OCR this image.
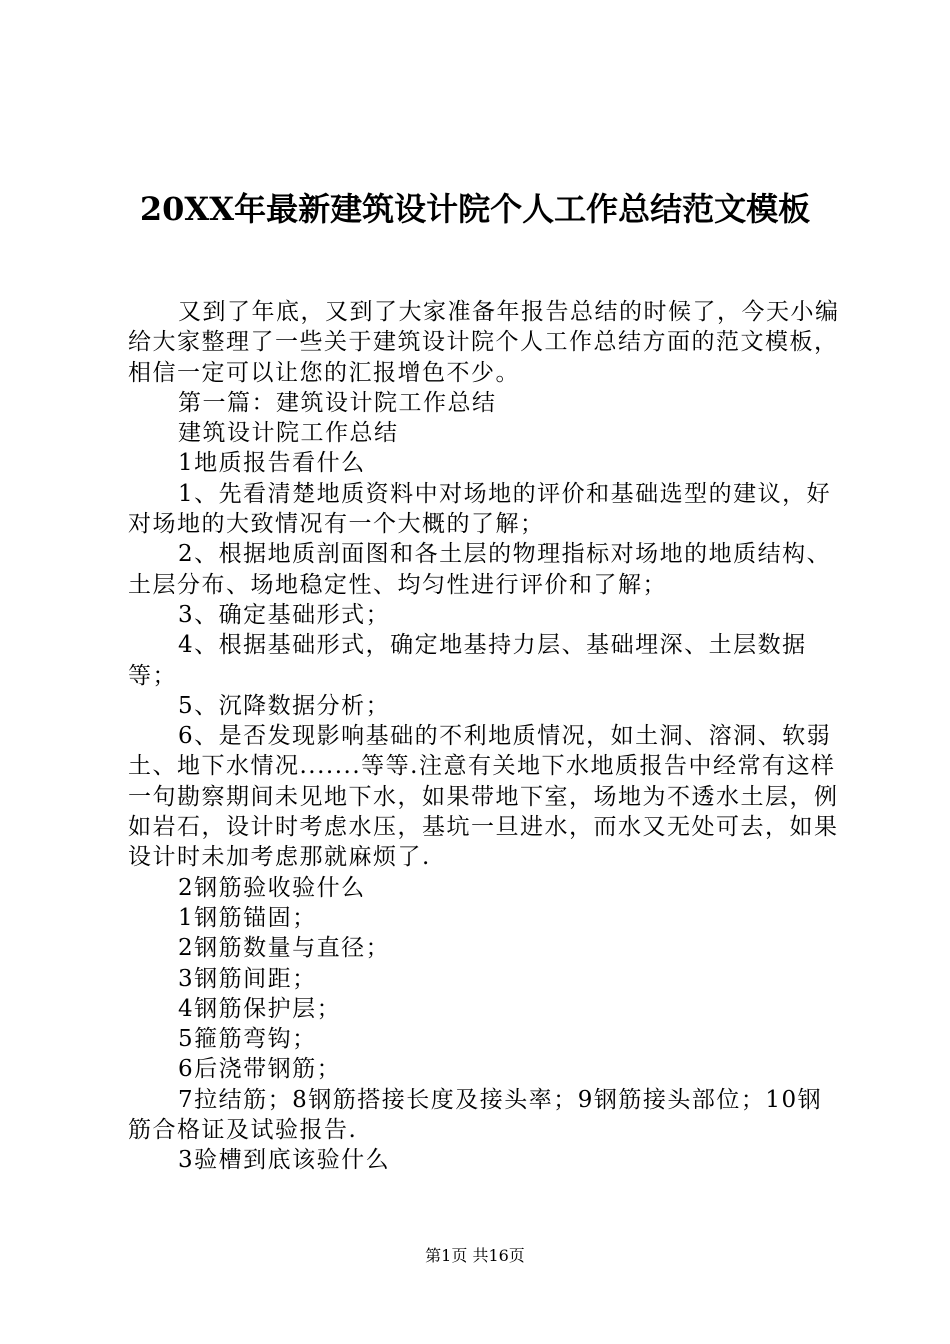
20XX年最新建筑设计院个人工作总结范文模板

又到了年底，又到了大家准备年报告总结的时候了，今天小编给大家整理了一些关于建筑设计院个人工作总结方面的范文模板，相信一定可以让您的汇报增色不少。

第一篇：建筑设计院工作总结

建筑设计院工作总结

1地质报告看什么

1、先看清楚地质资料中对场地的评价和基础选型的建议，好对场地的大致情况有一个大概的了解；

2、根据地质剖面图和各土层的物理指标对场地的地质结构、土层分布、场地稳定性、均匀性进行评价和了解；

3、确定基础形式；

4、根据基础形式，确定地基持力层、基础埋深、土层数据等；

5、沉降数据分析；

6、是否发现影响基础的不利地质情况，如土洞、溶洞、软弱土、地下水情况.......等等.注意有关地下水地质报告中经常有这样一句勘察期间未见地下水，如果带地下室，场地为不透水土层，例如岩石，设计时考虑水压，基坑一旦进水，而水又无处可去，如果设计时未加考虑那就麻烦了.

2钢筋验收验什么

1钢筋锚固；

2钢筋数量与直径；

3钢筋间距；

4钢筋保护层；

5箍筋弯钩；

6后浇带钢筋；

7拉结筋；8钢筋搭接长度及接头率；9钢筋接头部位；10钢筋合格证及试验报告.

3验槽到底该验什么

第1页 共16页
